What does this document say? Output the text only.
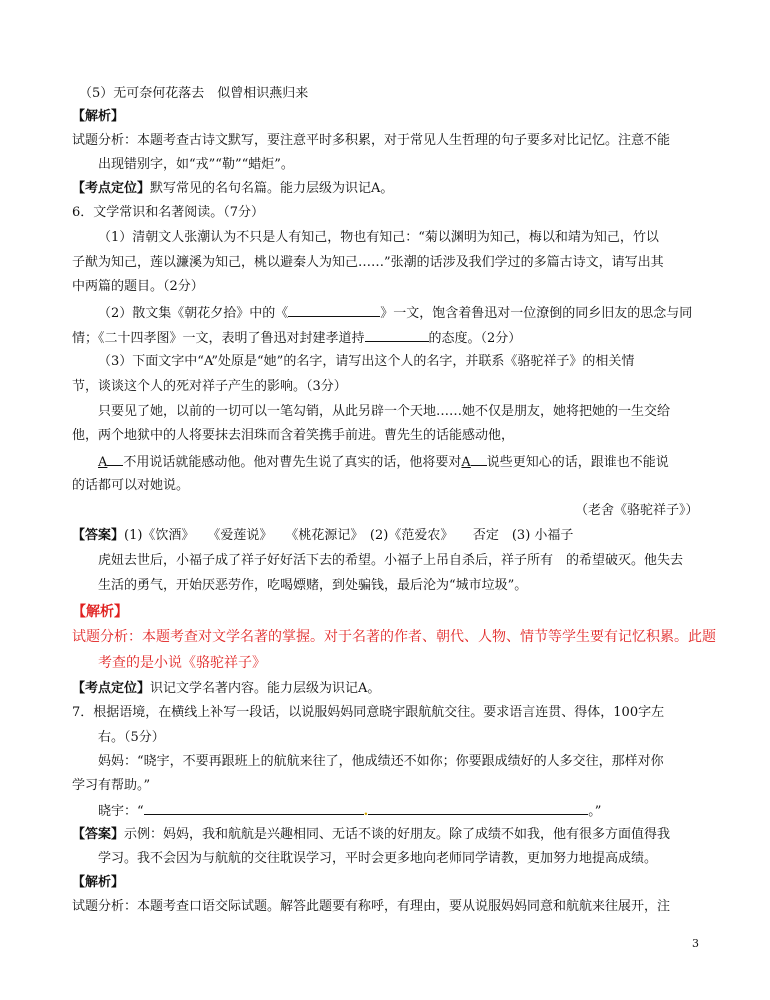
（5）无可奈何花落去　似曾相识燕归来
【解析】
试题分析：本题考查古诗文默写，要注意平时多积累，对于常见人生哲理的句子要多对比记忆。注意不能
出现错别字，如“戎”“勒”“蜡炬”。
【考点定位】默写常见的名句名篇。能力层级为识记A。
6．文学常识和名著阅读。（7分）
（1）清朝文人张潮认为不只是人有知己，物也有知己：“菊以渊明为知己，梅以和靖为知己，竹以
子猷为知己，莲以濂溪为知己，桃以避秦人为知己……”张潮的话涉及我们学过的多篇古诗文，请写出其
中两篇的题目。（2分）
（2）散文集《朝花夕拾》中的《	》一文，饱含着鲁迅对一位潦倒的同乡旧友的思念与同
情；《二十四孝图》一文，表明了鲁迅对封建孝道持	的态度。（2分）
（3）下面文字中“A”处原是“她”的名字，请写出这个人的名字，并联系《骆驼祥子》的相关情
节，谈谈这个人的死对祥子产生的影响。（3分）
只要见了她，以前的一切可以一笔勾销，从此另辟一个天地……她不仅是朋友，她将把她的一生交给
他，两个地狱中的人将要抹去泪珠而含着笑携手前进。曹先生的话能感动他，
A 不用说话就能感动他。他对曹先生说了真实的话，他将要对A 说些更知心的话，跟谁也不能说
的话都可以对她说。
（老舍《骆驼祥子》）
【答案】(1)《饮酒》　　《爱莲说》　　《桃花源记》　(2)《范爱农》　　否定　(3) 小福子
虎妞去世后，小福子成了祥子好好活下去的希望。小福子上吊自杀后，祥子所有　的希望破灭。他失去
生活的勇气，开始厌恶劳作，吃喝嫖赌，到处骗钱，最后沦为“城市垃圾”。
【解析】
试题分析：本题考查对文学名著的掌握。对于名著的作者、朝代、人物、情节等学生要有记忆积累。此题
考查的是小说《骆驼祥子》
【考点定位】识记文学名著内容。能力层级为识记A。
7．根据语境，在横线上补写一段话，以说服妈妈同意晓宇跟航航交往。要求语言连贯、得体，100字左
右。（5分）
妈妈：“晓宇，不要再跟班上的航航来往了，他成绩还不如你；你要跟成绩好的人多交往，那样对你
学习有帮助。”
晓宇：“	.	。”
【答案】示例：妈妈，我和航航是兴趣相同、无话不谈的好朋友。除了成绩不如我，他有很多方面值得我
学习。我不会因为与航航的交往耽误学习，平时会更多地向老师同学请教，更加努力地提高成绩。
【解析】
试题分析：本题考查口语交际试题。解答此题要有称呼，有理由，要从说服妈妈同意和航航来往展开，注
3
